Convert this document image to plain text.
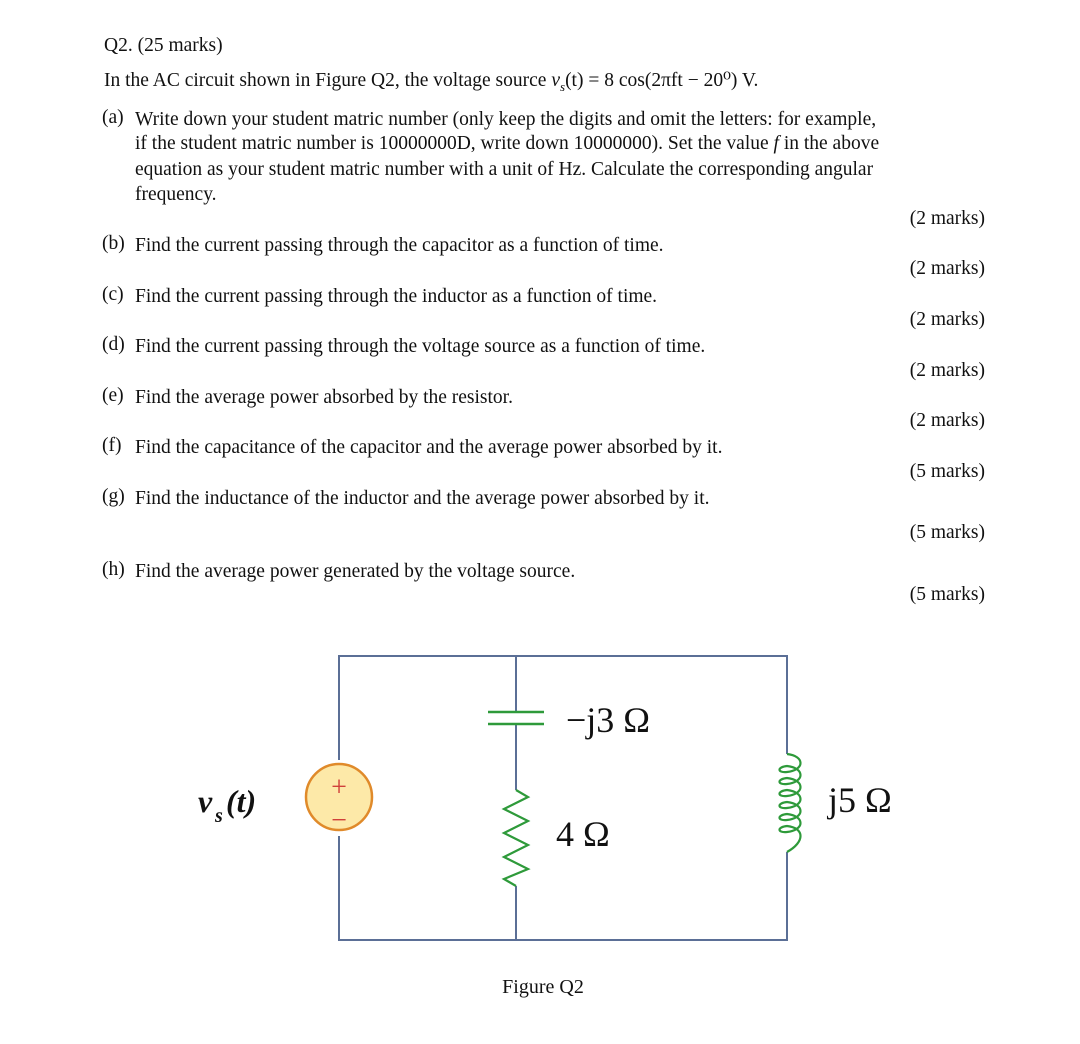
Q2. (25 marks)
In the AC circuit shown in Figure Q2, the voltage source $v_s(t) = 8$ cos(2πft − 20⁰) V.
(a) Write down your student matric number (only keep the digits and omit the letters: for example,
if the student matric number is 10000000D, write down 10000000). Set the value f in the above
equation as your student matric number with a unit of Hz. Calculate the corresponding angular
frequency.
(2 marks)
(b) Find the current passing through the capacitor as a function of time.
(2 marks)
(c) Find the current passing through the inductor as a function of time.
(2 marks)
(d) Find the current passing through the voltage source as a function of time.
(2 marks)
(e) Find the average power absorbed by the resistor.
(2 marks)
(f) Find the capacitance of the capacitor and the average power absorbed by it.
(5 marks)
(g) Find the inductance of the inductor and the average power absorbed by it.
(5 marks)
(h) Find the average power generated by the voltage source.
(5 marks)
+
−
−j3 Ω
4 Ω
j5 Ω
v s (t)
Figure Q2
